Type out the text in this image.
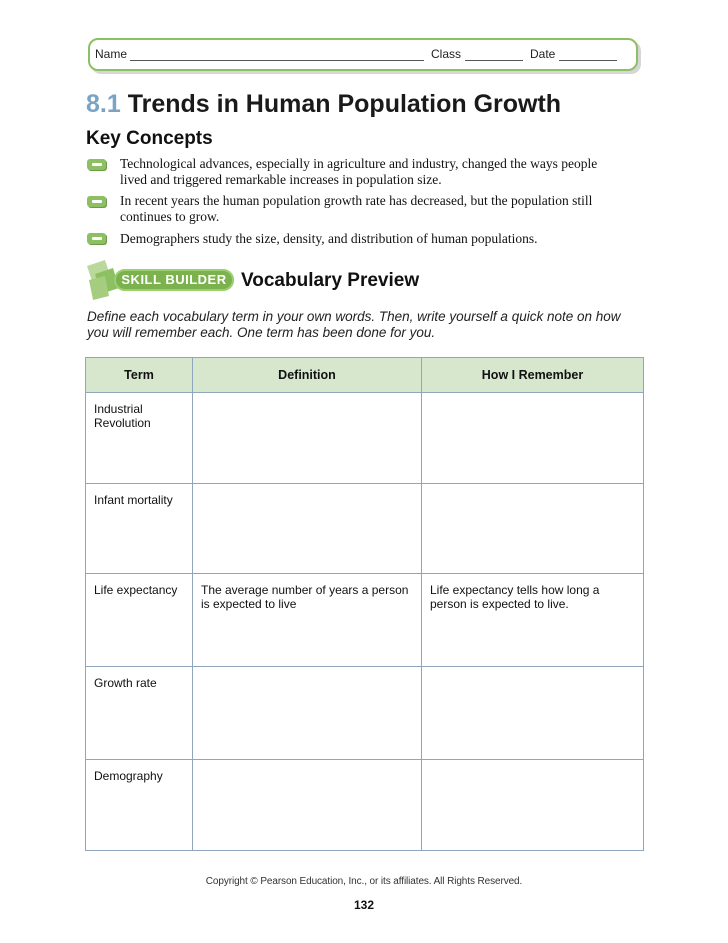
Name	Class	Date
8.1 Trends in Human Population Growth
Key Concepts
Technological advances, especially in agriculture and industry, changed the ways people lived and triggered remarkable increases in population size.
In recent years the human population growth rate has decreased, but the population still continues to grow.
Demographers study the size, density, and distribution of human populations.
SKILL BUILDER Vocabulary Preview
Define each vocabulary term in your own words. Then, write yourself a quick note on how you will remember each. One term has been done for you.
Term	Definition	How I Remember
Industrial Revolution		
Infant mortality		
Life expectancy	The average number of years a person is expected to live	Life expectancy tells how long a person is expected to live.
Growth rate		
Demography		
Copyright © Pearson Education, Inc., or its affiliates. All Rights Reserved.
132
